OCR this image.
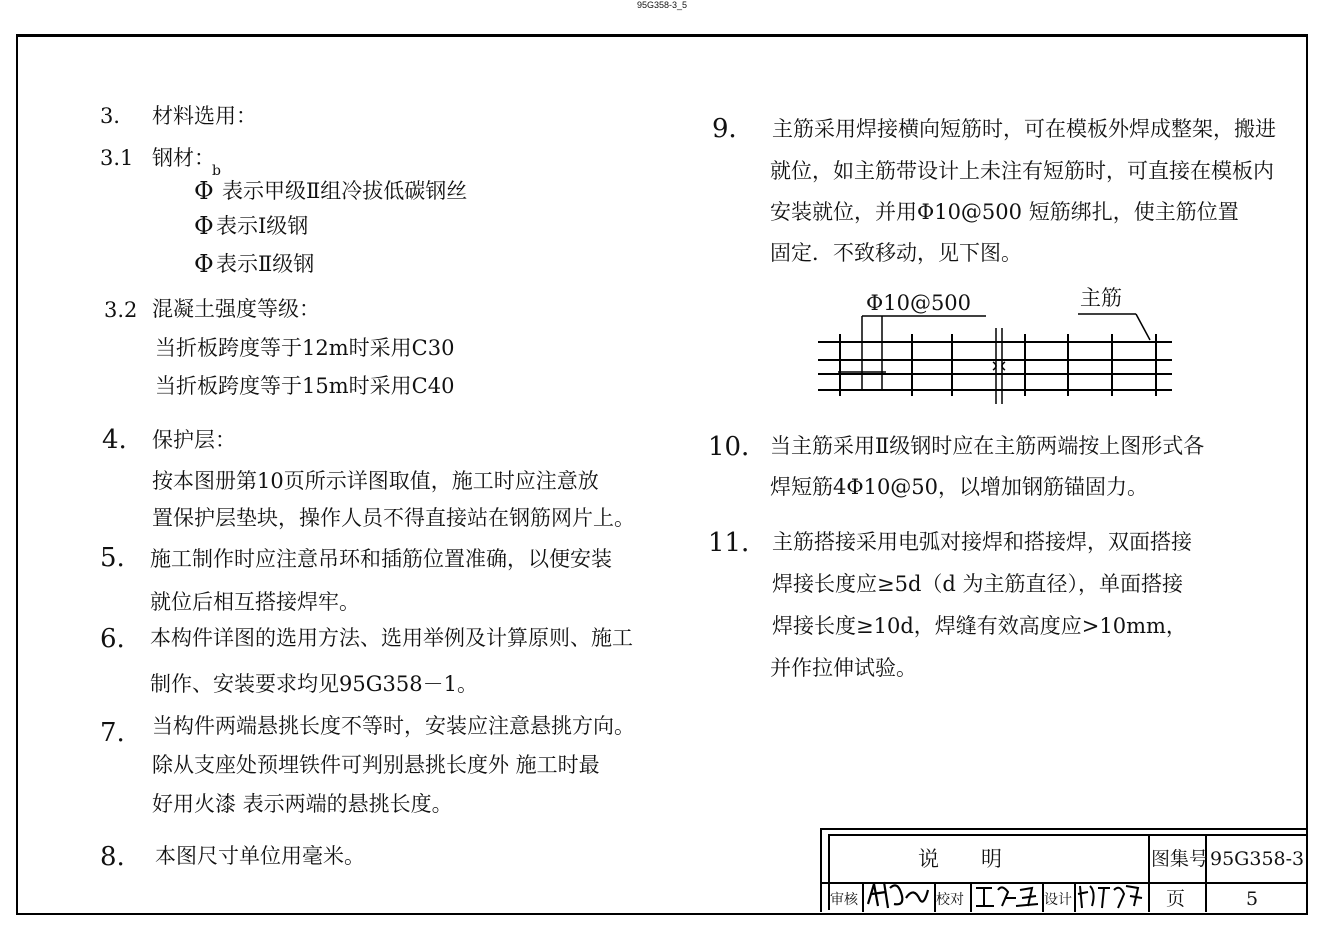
95G358-3_5
3． 材料选用：
3.1 钢材：
Φ
b
表示甲级Ⅱ组冷拔低碳钢丝
Φ 表示Ⅰ级钢
Φ 表示Ⅱ级钢
3.2 混凝土强度等级：
当折板跨度等于12m时采用C30
当折板跨度等于15m时采用C40
4. 保护层：
按本图册第10页所示详图取值，施工时应注意放
置保护层垫块，操作人员不得直接站在钢筋网片上。
5. 施工制作时应注意吊环和插筋位置准确，以便安装
就位后相互搭接焊牢。
6. 本构件详图的选用方法、选用举例及计算原则、施工
制作、安装要求均见95G358－1。
7. 当构件两端悬挑长度不等时，安装应注意悬挑方向。
除从支座处预埋铁件可判别悬挑长度外 施工时最
好用火漆 表示两端的悬挑长度。
8. 本图尺寸单位用毫米。
9． 主筋采用焊接横向短筋时，可在模板外焊成整架，搬进
就位，如主筋带设计上未注有短筋时，可直接在模板内
安装就位，并用Φ10@500 短筋绑扎，使主筋位置
固定．不致移动，见下图。
Φ10@500	主筋
10． 当主筋采用Ⅱ级钢时应在主筋两端按上图形式各
焊短筋4Φ10@50，以增加钢筋锚固力。
11． 主筋搭接采用电弧对接焊和搭接焊，双面搭接
焊接长度应≥5d（d 为主筋直径），单面搭接
焊接长度≥10d，焊缝有效高度应>10mm，
并作拉伸试验。
说　　明	图集号 95G358-3
页	5
审核	校对	设计
